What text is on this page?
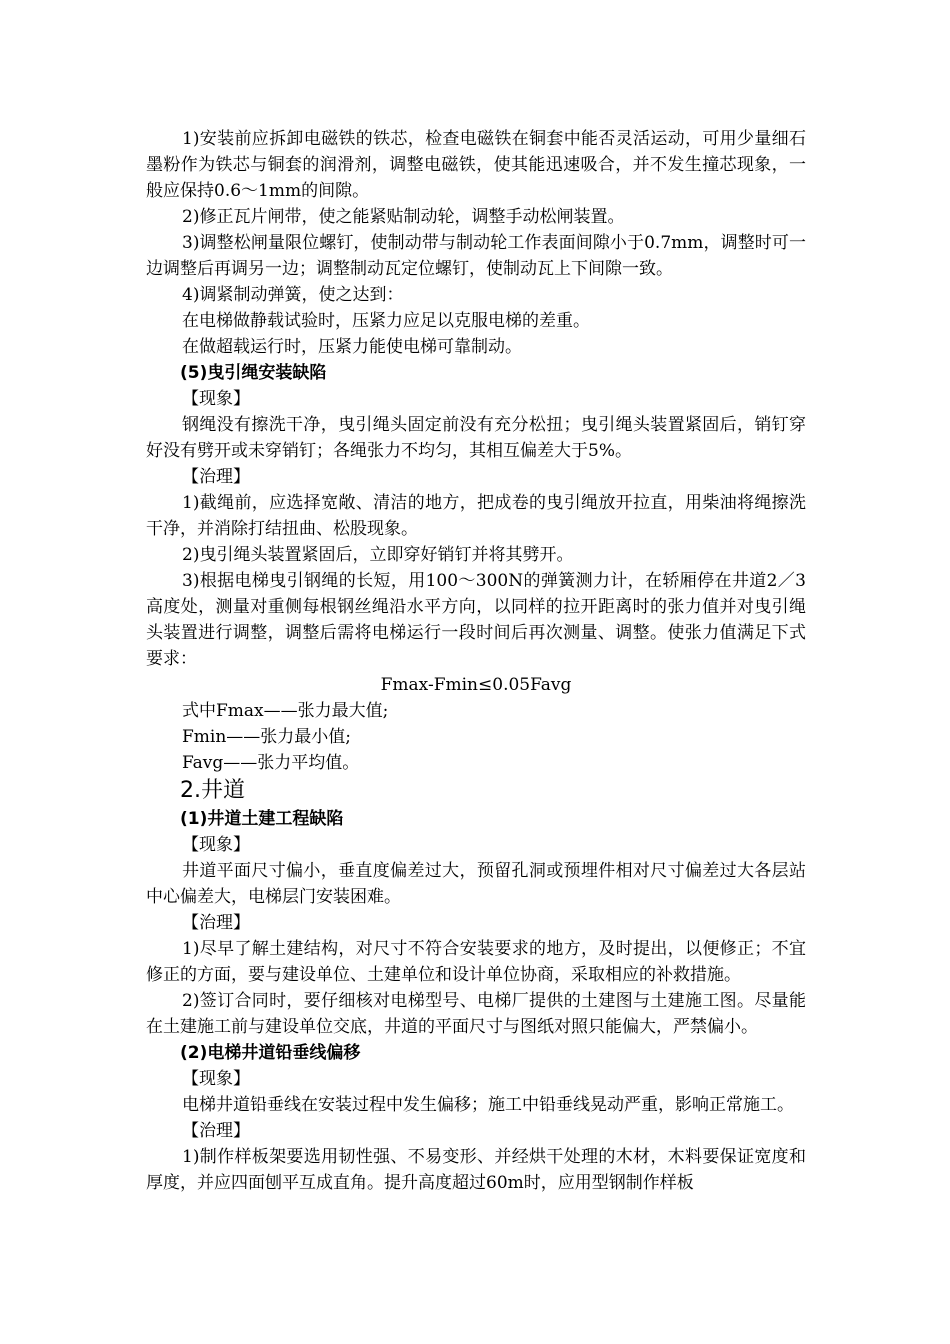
1)安装前应拆卸电磁铁的铁芯，检查电磁铁在铜套中能否灵活运动，可用少量细石墨粉作为铁芯与铜套的润滑剂，调整电磁铁，使其能迅速吸合，并不发生撞芯现象，一般应保持0.6～1mm的间隙。

2)修正瓦片闸带，使之能紧贴制动轮，调整手动松闸装置。

3)调整松闸量限位螺钉，使制动带与制动轮工作表面间隙小于0.7mm，调整时可一边调整后再调另一边；调整制动瓦定位螺钉，使制动瓦上下间隙一致。

4)调紧制动弹簧，使之达到：

在电梯做静载试验时，压紧力应足以克服电梯的差重。

在做超载运行时，压紧力能使电梯可靠制动。

(5)曳引绳安装缺陷

【现象】

钢绳没有擦洗干净，曳引绳头固定前没有充分松扭；曳引绳头装置紧固后，销钉穿好没有劈开或未穿销钉；各绳张力不均匀，其相互偏差大于5%。

【治理】

1)截绳前，应选择宽敞、清洁的地方，把成卷的曳引绳放开拉直，用柴油将绳擦洗干净，并消除打结扭曲、松股现象。

2)曳引绳头装置紧固后，立即穿好销钉并将其劈开。

3)根据电梯曳引钢绳的长短，用100～300N的弹簧测力计，在轿厢停在井道2／3高度处，测量对重侧每根钢丝绳沿水平方向，以同样的拉开距离时的张力值并对曳引绳头装置进行调整，调整后需将电梯运行一段时间后再次测量、调整。使张力值满足下式要求：

Fmax-Fmin≤0.05Favg

式中Fmax——张力最大值;

Fmin——张力最小值;

Favg——张力平均值。

2.井道

(1)井道土建工程缺陷

【现象】

井道平面尺寸偏小，垂直度偏差过大，预留孔洞或预埋件相对尺寸偏差过大各层站中心偏差大，电梯层门安装困难。

【治理】

1)尽早了解土建结构，对尺寸不符合安装要求的地方，及时提出，以便修正；不宜修正的方面，要与建设单位、土建单位和设计单位协商，采取相应的补救措施。

2)签订合同时，要仔细核对电梯型号、电梯厂提供的土建图与土建施工图。尽量能在土建施工前与建设单位交底，井道的平面尺寸与图纸对照只能偏大，严禁偏小。

(2)电梯井道铅垂线偏移

【现象】

电梯井道铅垂线在安装过程中发生偏移；施工中铅垂线晃动严重，影响正常施工。

【治理】

1)制作样板架要选用韧性强、不易变形、并经烘干处理的木材，木料要保证宽度和厚度，并应四面刨平互成直角。提升高度超过60m时，应用型钢制作样板
